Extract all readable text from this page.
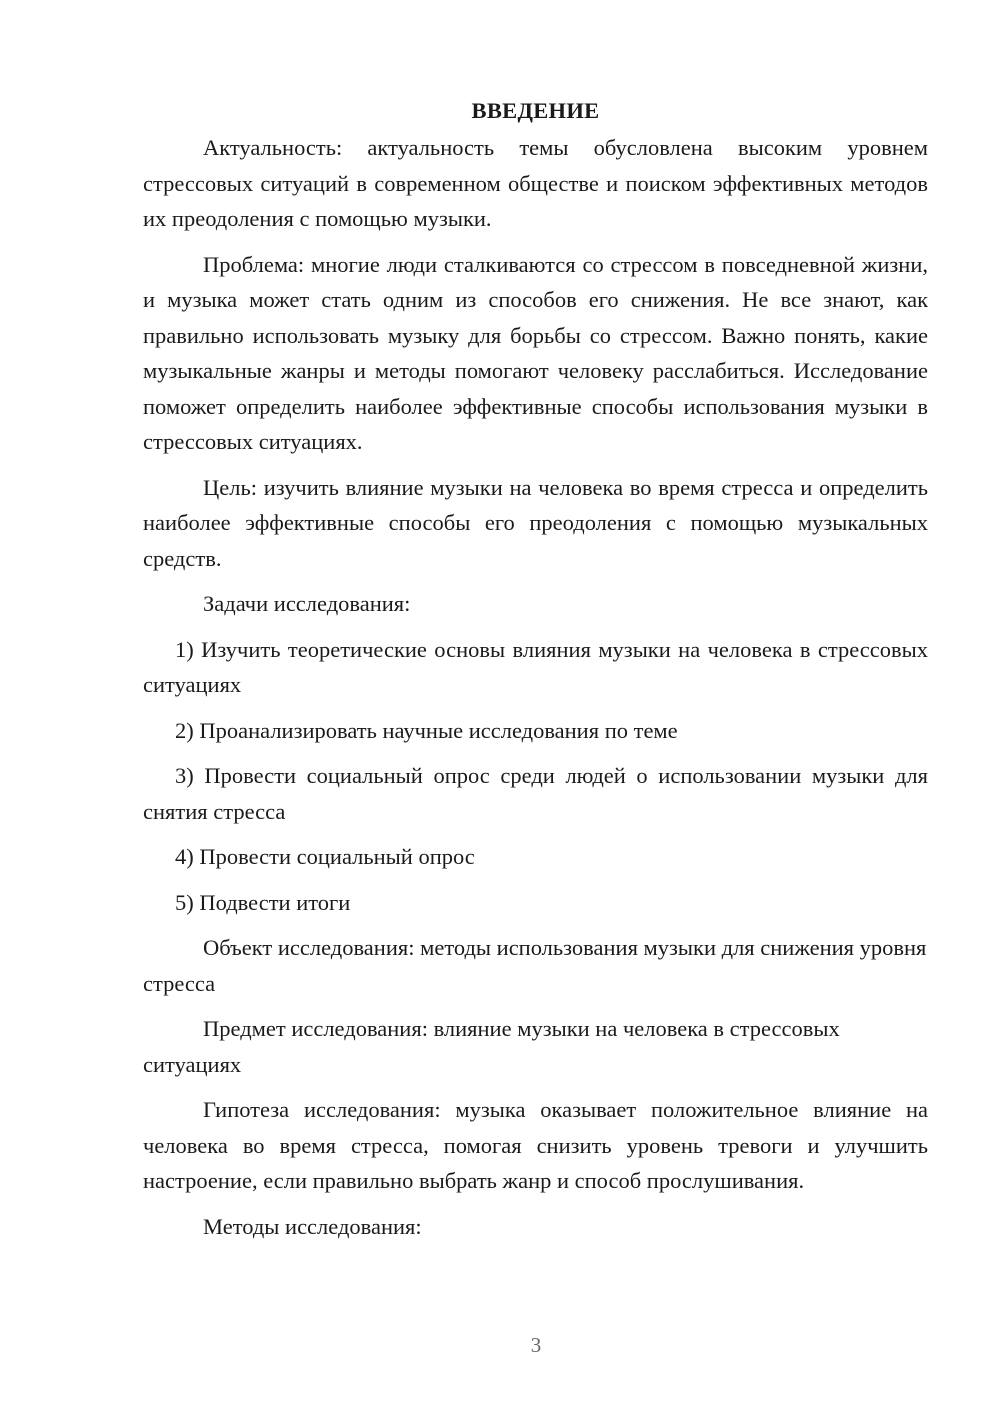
ВВЕДЕНИЕ

Актуальность: актуальность темы обусловлена высоким уровнем стрессовых ситуаций в современном обществе и поиском эффективных методов их преодоления с помощью музыки.

Проблема: многие люди сталкиваются со стрессом в повседневной жизни, и музыка может стать одним из способов его снижения. Не все знают, как правильно использовать музыку для борьбы со стрессом. Важно понять, какие музыкальные жанры и методы помогают человеку расслабиться. Исследование поможет определить наиболее эффективные способы использования музыки в стрессовых ситуациях.

Цель: изучить влияние музыки на человека во время стресса и определить наиболее эффективные способы его преодоления с помощью музыкальных средств.

Задачи исследования:

1) Изучить теоретические основы влияния музыки на человека в стрессовых ситуациях

2) Проанализировать научные исследования по теме

3) Провести социальный опрос среди людей о использовании музыки для снятия стресса

4) Провести социальный опрос

5) Подвести итоги

Объект исследования: методы использования музыки для снижения уровня стресса

Предмет исследования: влияние музыки на человека в стрессовых ситуациях

Гипотеза исследования: музыка оказывает положительное влияние на человека во время стресса, помогая снизить уровень тревоги и улучшить настроение, если правильно выбрать жанр и способ прослушивания.

Методы исследования:

3
